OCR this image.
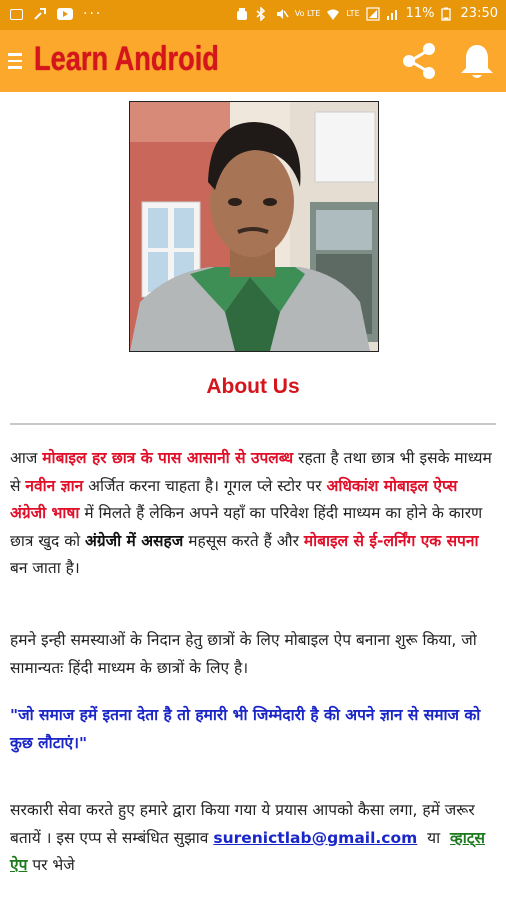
···	Vo LTE	LTE	11% 23:50
Learn Android
About Us
आज मोबाइल हर छात्र के पास आसानी से उपलब्ध रहता है तथा छात्र भी इसके माध्यम से नवीन ज्ञान अर्जित करना चाहता है। गूगल प्ले स्टोर पर अधिकांश मोबाइल ऐप्स अंग्रेजी भाषा में मिलते हैं लेकिन अपने यहाँ का परिवेश हिंदी माध्यम का होने के कारण छात्र खुद को अंग्रेजी में असहज महसूस करते हैं और मोबाइल से ई-लर्निंग एक सपना बन जाता है।
हमने इन्ही समस्याओं के निदान हेतु छात्रों के लिए मोबाइल ऐप बनाना शुरू किया, जो सामान्यतः हिंदी माध्यम के छात्रों के लिए है।
"जो समाज हमें इतना देता है तो हमारी भी जिम्मेदारी है की अपने ज्ञान से समाज को कुछ लौटाएं।"
सरकारी सेवा करते हुए हमारे द्वारा किया गया ये प्रयास आपको कैसा लगा, हमें जरूर बतायें । इस एप्प से सम्बंधित सुझाव surenictlab@gmail.com  या  व्हाट्स ऐप पर भेजे
